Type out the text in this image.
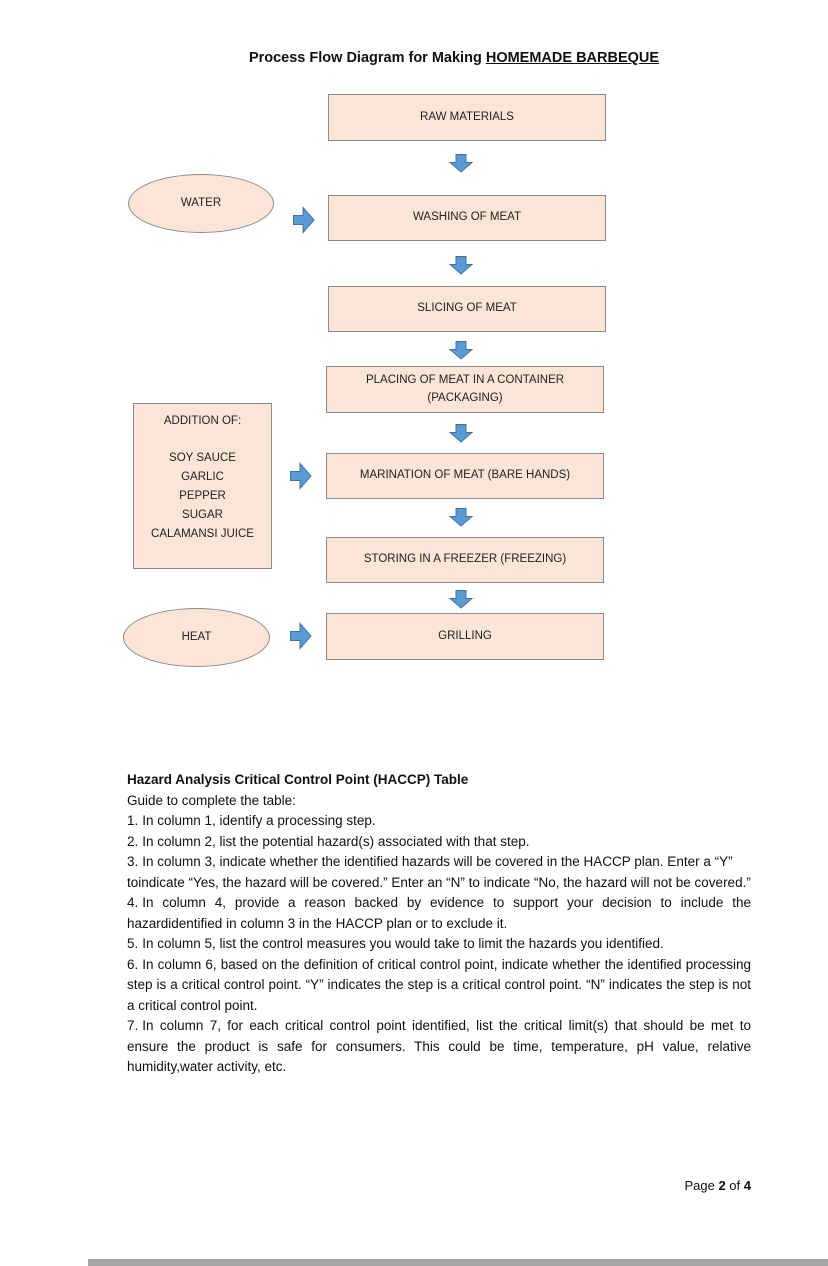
Process Flow Diagram for Making HOMEMADE BARBEQUE
RAW MATERIALS
WASHING OF MEAT
SLICING OF MEAT
PLACING OF MEAT IN A CONTAINER
(PACKAGING)
MARINATION OF MEAT (BARE HANDS)
STORING IN A FREEZER (FREEZING)
GRILLING
WATER
ADDITION OF:
SOY SAUCE
GARLIC
PEPPER
SUGAR
CALAMANSI JUICE
HEAT

Hazard Analysis Critical Control Point (HACCP) Table

Guide to complete the table:

1. In column 1, identify a processing step.

2. In column 2, list the potential hazard(s) associated with that step.

3. In column 3, indicate whether the identified hazards will be covered in the HACCP plan. Enter a “Y” toindicate “Yes, the hazard will be covered.” Enter an “N” to indicate “No, the hazard will not be covered.”

4. In column 4, provide a reason backed by evidence to support your decision to include the hazardidentified in column 3 in the HACCP plan or to exclude it.

5. In column 5, list the control measures you would take to limit the hazards you identified.

6. In column 6, based on the definition of critical control point, indicate whether the identified processing step is a critical control point. “Y” indicates the step is a critical control point. “N” indicates the step is not a critical control point.

7. In column 7, for each critical control point identified, list the critical limit(s) that should be met to ensure the product is safe for consumers. This could be time, temperature, pH value, relative humidity,water activity, etc.

Page 2 of 4
